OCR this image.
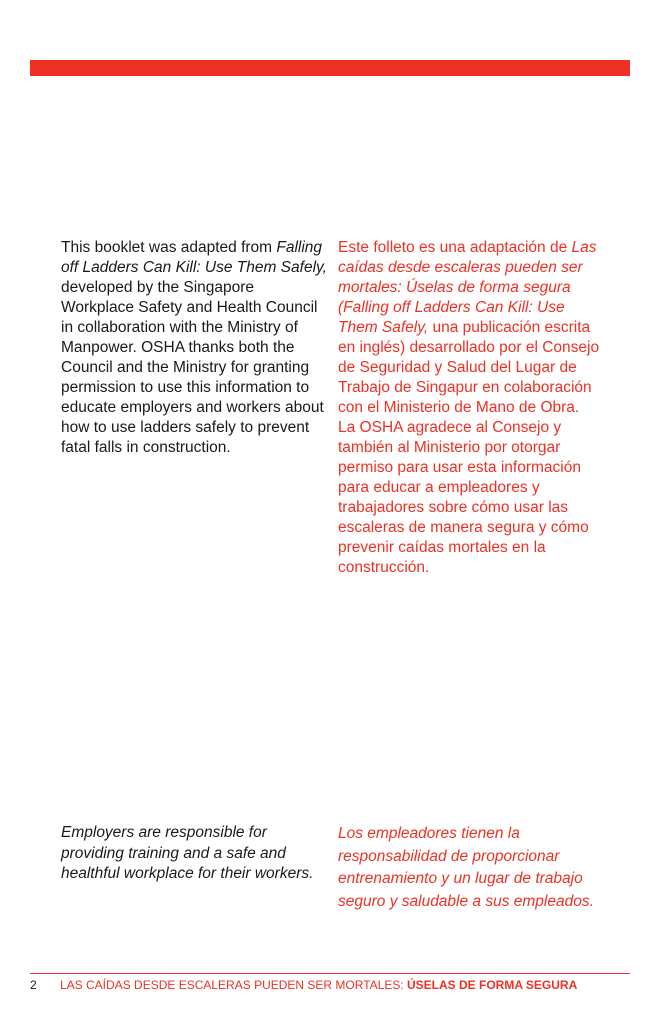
This booklet was adapted from Falling off Ladders Can Kill: Use Them Safely, developed by the Singapore Workplace Safety and Health Council in collaboration with the Ministry of Manpower. OSHA thanks both the Council and the Ministry for granting permission to use this information to educate employers and workers about how to use ladders safely to prevent fatal falls in construction.
Este folleto es una adaptación de Las caídas desde escaleras pueden ser mortales: Úselas de forma segura (Falling off Ladders Can Kill: Use Them Safely, una publicación escrita en inglés) desarrollado por el Consejo de Seguridad y Salud del Lugar de Trabajo de Singapur en colaboración con el Ministerio de Mano de Obra. La OSHA agradece al Consejo y también al Ministerio por otorgar permiso para usar esta información para educar a empleadores y trabajadores sobre cómo usar las escaleras de manera segura y cómo prevenir caídas mortales en la construcción.
Employers are responsible for providing training and a safe and healthful workplace for their workers.
Los empleadores tienen la responsabilidad de proporcionar entrenamiento y un lugar de trabajo seguro y saludable a sus empleados.
2 LAS CAÍDAS DESDE ESCALERAS PUEDEN SER MORTALES: ÚSELAS DE FORMA SEGURA
